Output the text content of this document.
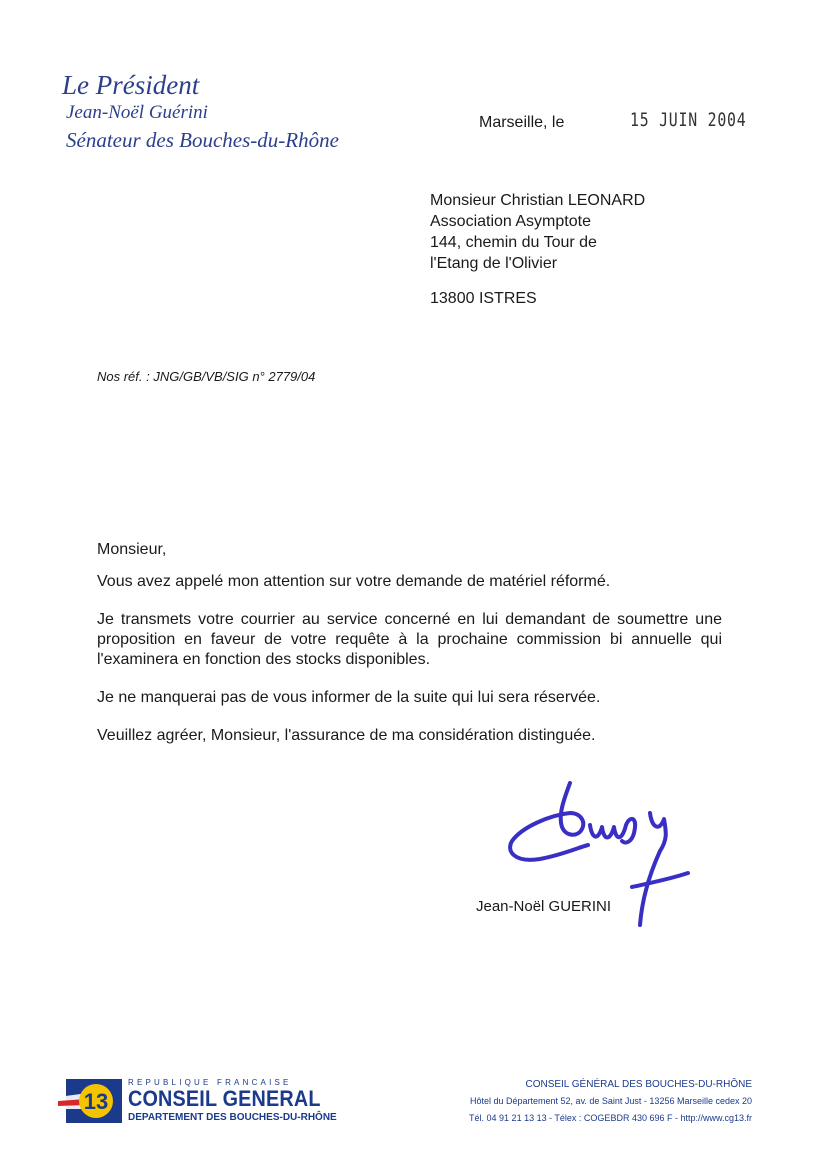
Le Président
Jean-Noël Guérini
Sénateur des Bouches-du-Rhône
Marseille, le	15 JUIN 2004
Monsieur Christian LEONARD
Association Asymptote
144, chemin du Tour de
l'Etang de l'Olivier
13800 ISTRES
Nos réf. : JNG/GB/VB/SIG n° 2779/04

Monsieur,

Vous avez appelé mon attention sur votre demande de matériel réformé.

Je transmets votre courrier au service concerné en lui demandant de soumettre une proposition en faveur de votre requête à la prochaine commission bi annuelle qui l'examinera en fonction des stocks disponibles.

Je ne manquerai pas de vous informer de la suite qui lui sera réservée.

Veuillez agréer, Monsieur, l'assurance de ma considération distinguée.

Jean-Noël GUERINI
13
REPUBLIQUE FRANCAISE
CONSEIL GENERAL
DEPARTEMENT DES BOUCHES-DU-RHÔNE
CONSEIL GÉNÉRAL DES BOUCHES-DU-RHÔNE
Hôtel du Département 52, av. de Saint Just - 13256 Marseille cedex 20
Tél. 04 91 21 13 13 - Télex : COGEBDR 430 696 F - http://www.cg13.fr
